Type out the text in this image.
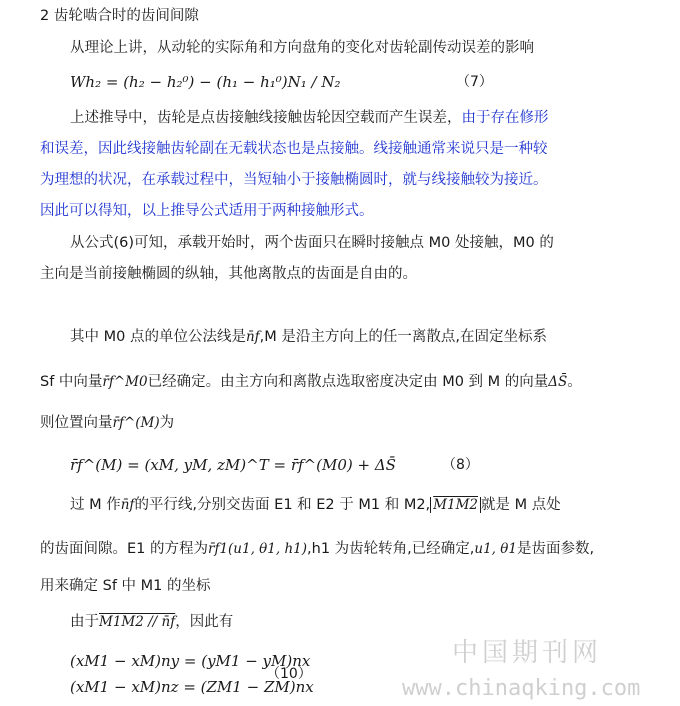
2 齿轮啮合时的齿间间隙
从理论上讲，从动轮的实际角和方向盘角的变化对齿轮副传动误差的影响
Wh₂ = (h₂ − h₂⁰) − (h₁ − h₁⁰)N₁ / N₂	（7）
上述推导中，齿轮是点齿接触线接触齿轮因空载而产生误差，由于存在修形
和误差，因此线接触齿轮副在无载状态也是点接触。线接触通常来说只是一种较
为理想的状况，在承载过程中，当短轴小于接触椭圆时，就与线接触较为接近。
因此可以得知，以上推导公式适用于两种接触形式。
从公式(6)可知，承载开始时，两个齿面只在瞬时接触点 M0 处接触，M0 的
主向是当前接触椭圆的纵轴，其他离散点的齿面是自由的。
其中 M0 点的单位公法线是n̄f,M 是沿主方向上的任一离散点,在固定坐标系
Sf 中向量r̄f^M0已经确定。由主方向和离散点选取密度决定由 M0 到 M 的向量ΔS̄。
则位置向量r̄f^(M)为
r̄f^(M) = (xM, yM, zM)^T = r̄f^(M0) + ΔS̄	（8）
过 M 作n̄f的平行线,分别交齿面 E1 和 E2 于 M1 和 M2, M1M2 就是 M 点处
的齿面间隙。E1 的方程为r̄f1(u1, θ1, h1),h1 为齿轮转角,已经确定,u1, θ1是齿面参数,
用来确定 Sf 中 M1 的坐标
由于M1M2 // n̄f，因此有
(xM1 − xM)ny = (yM1 − yM)nx
(xM1 − xM)nz = (ZM1 − ZM)nx
（10）
中国期刊网
www.chinaqking.com
